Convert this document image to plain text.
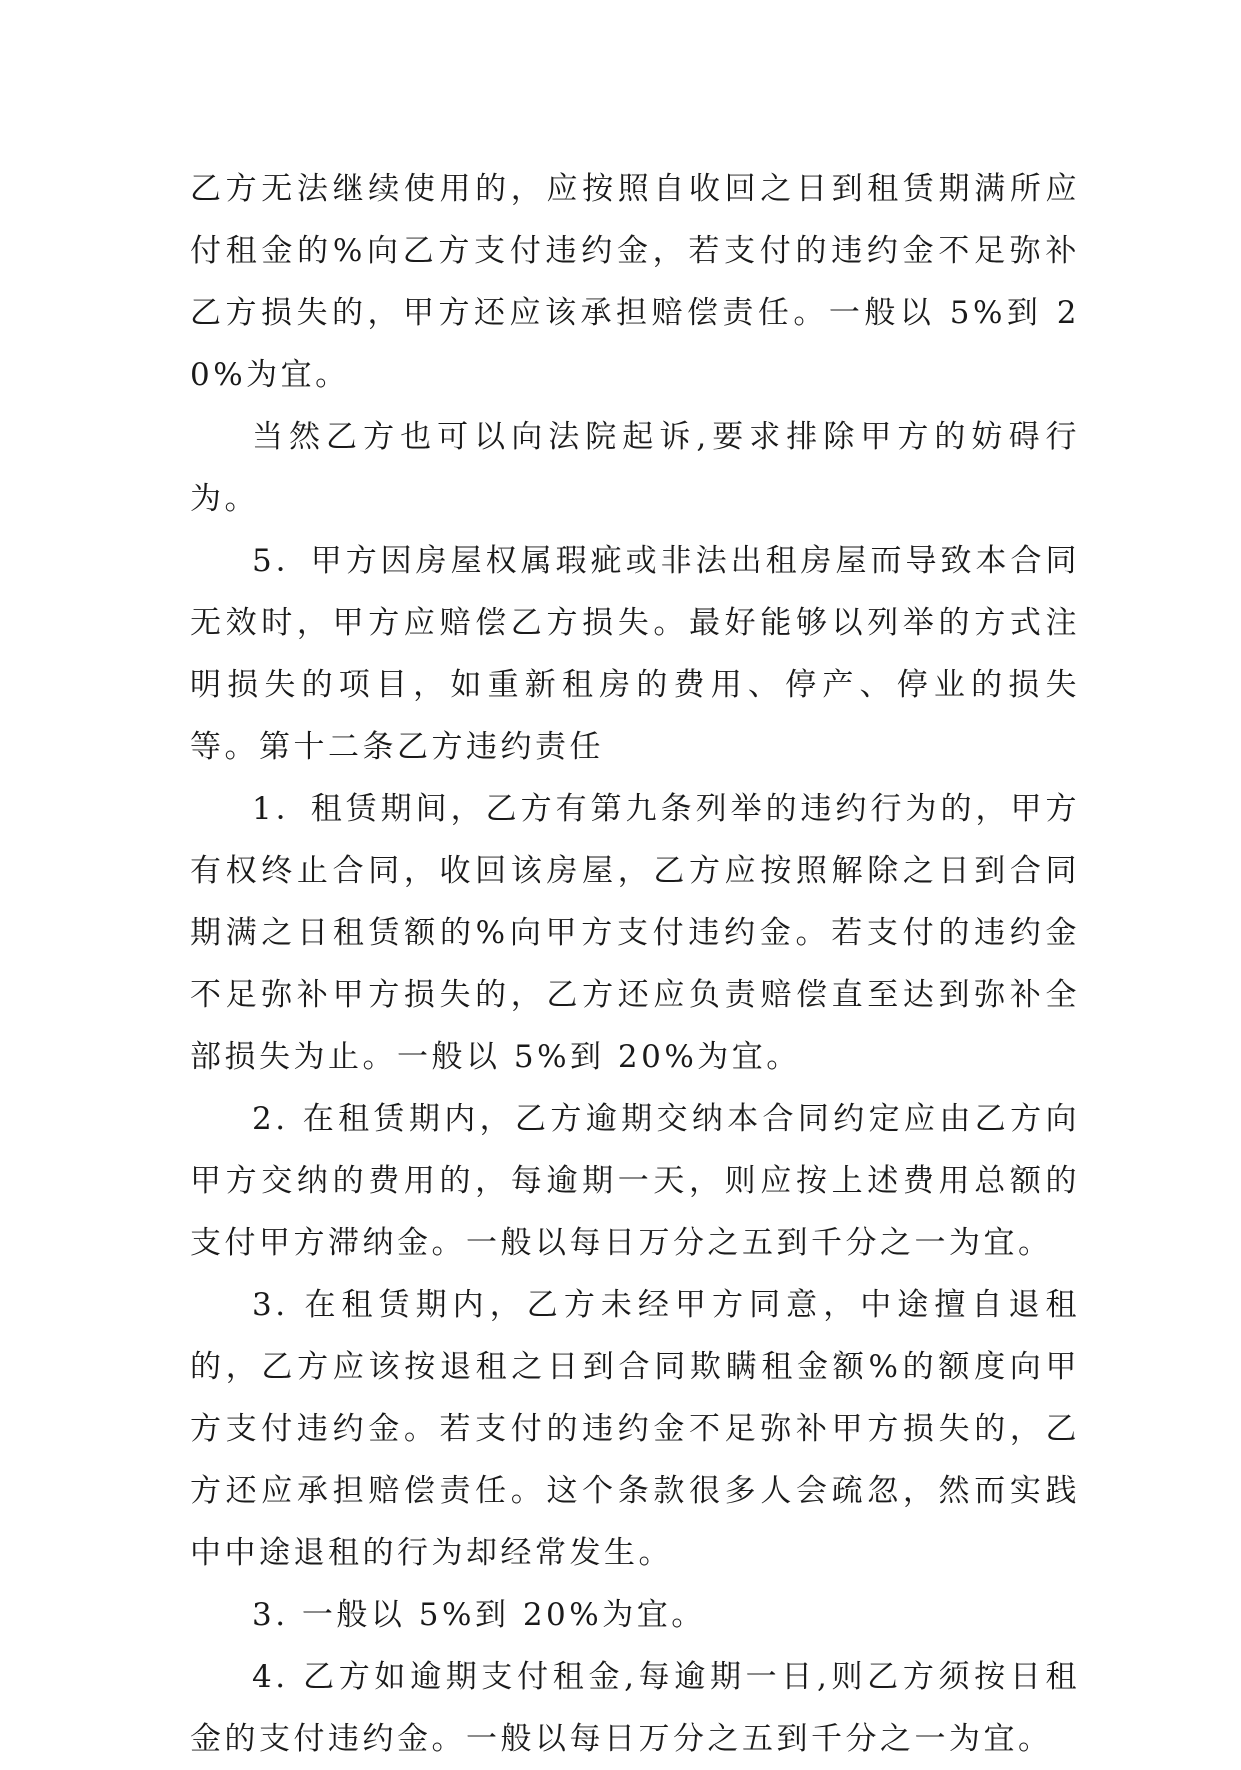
乙方无法继续使用的，应按照自收回之日到租赁期满所应付租金的%向乙方支付违约金，若支付的违约金不足弥补乙方损失的，甲方还应该承担赔偿责任。一般以 5%到 20%为宜。

当然乙方也可以向法院起诉,要求排除甲方的妨碍行为。

5．甲方因房屋权属瑕疵或非法出租房屋而导致本合同无效时，甲方应赔偿乙方损失。最好能够以列举的方式注明损失的项目，如重新租房的费用、停产、停业的损失等。第十二条乙方违约责任

1．租赁期间，乙方有第九条列举的违约行为的，甲方有权终止合同，收回该房屋，乙方应按照解除之日到合同期满之日租赁额的%向甲方支付违约金。若支付的违约金不足弥补甲方损失的，乙方还应负责赔偿直至达到弥补全部损失为止。一般以 5%到 20%为宜。

2. 在租赁期内，乙方逾期交纳本合同约定应由乙方向甲方交纳的费用的，每逾期一天，则应按上述费用总额的支付甲方滞纳金。一般以每日万分之五到千分之一为宜。

3. 在租赁期内，乙方未经甲方同意，中途擅自退租的，乙方应该按退租之日到合同欺瞒租金额%的额度向甲方支付违约金。若支付的违约金不足弥补甲方损失的，乙方还应承担赔偿责任。这个条款很多人会疏忽，然而实践中中途退租的行为却经常发生。

3. 一般以 5%到 20%为宜。

4. 乙方如逾期支付租金,每逾期一日,则乙方须按日租金的支付违约金。一般以每日万分之五到千分之一为宜。
